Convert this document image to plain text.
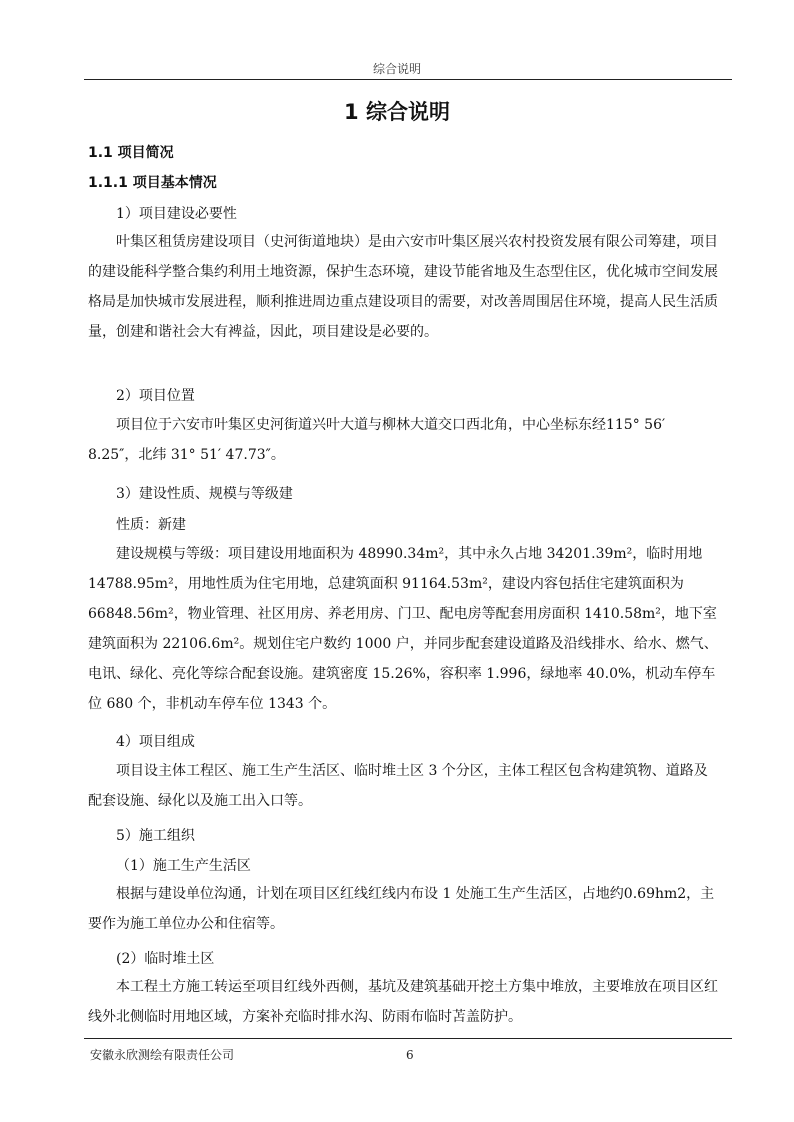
综合说明
1 综合说明
1.1 项目简况
1.1.1 项目基本情况
1）项目建设必要性

叶集区租赁房建设项目（史河街道地块）是由六安市叶集区展兴农村投资发展有限公司筹建，项目的建设能科学整合集约利用土地资源，保护生态环境，建设节能省地及生态型住区，优化城市空间发展格局是加快城市发展进程，顺利推进周边重点建设项目的需要，对改善周围居住环境，提高人民生活质量，创建和谐社会大有裨益，因此，项目建设是必要的。

2）项目位置

项目位于六安市叶集区史河街道兴叶大道与柳林大道交口西北角，中心坐标东经115° 56′ 8.25″，北纬 31° 51′ 47.73″。

3）建设性质、规模与等级建
性质：新建

建设规模与等级：项目建设用地面积为 48990.34m²，其中永久占地 34201.39m²，临时用地 14788.95m²，用地性质为住宅用地，总建筑面积 91164.53m²，建设内容包括住宅建筑面积为 66848.56m²，物业管理、社区用房、养老用房、门卫、配电房等配套用房面积 1410.58m²，地下室建筑面积为 22106.6m²。规划住宅户数约 1000 户，并同步配套建设道路及沿线排水、给水、燃气、电讯、绿化、亮化等综合配套设施。建筑密度 15.26%，容积率 1.996，绿地率 40.0%，机动车停车位 680 个，非机动车停车位 1343 个。

4）项目组成

项目设主体工程区、施工生产生活区、临时堆土区 3 个分区，主体工程区包含构建筑物、道路及配套设施、绿化以及施工出入口等。

5）施工组织
（1）施工生产生活区

根据与建设单位沟通，计划在项目区红线红线内布设 1 处施工生产生活区，占地约0.69hm2，主要作为施工单位办公和住宿等。

(2）临时堆土区

本工程土方施工转运至项目红线外西侧，基坑及建筑基础开挖土方集中堆放，主要堆放在项目区红线外北侧临时用地区域，方案补充临时排水沟、防雨布临时苫盖防护。

安徽永欣测绘有限责任公司	6
